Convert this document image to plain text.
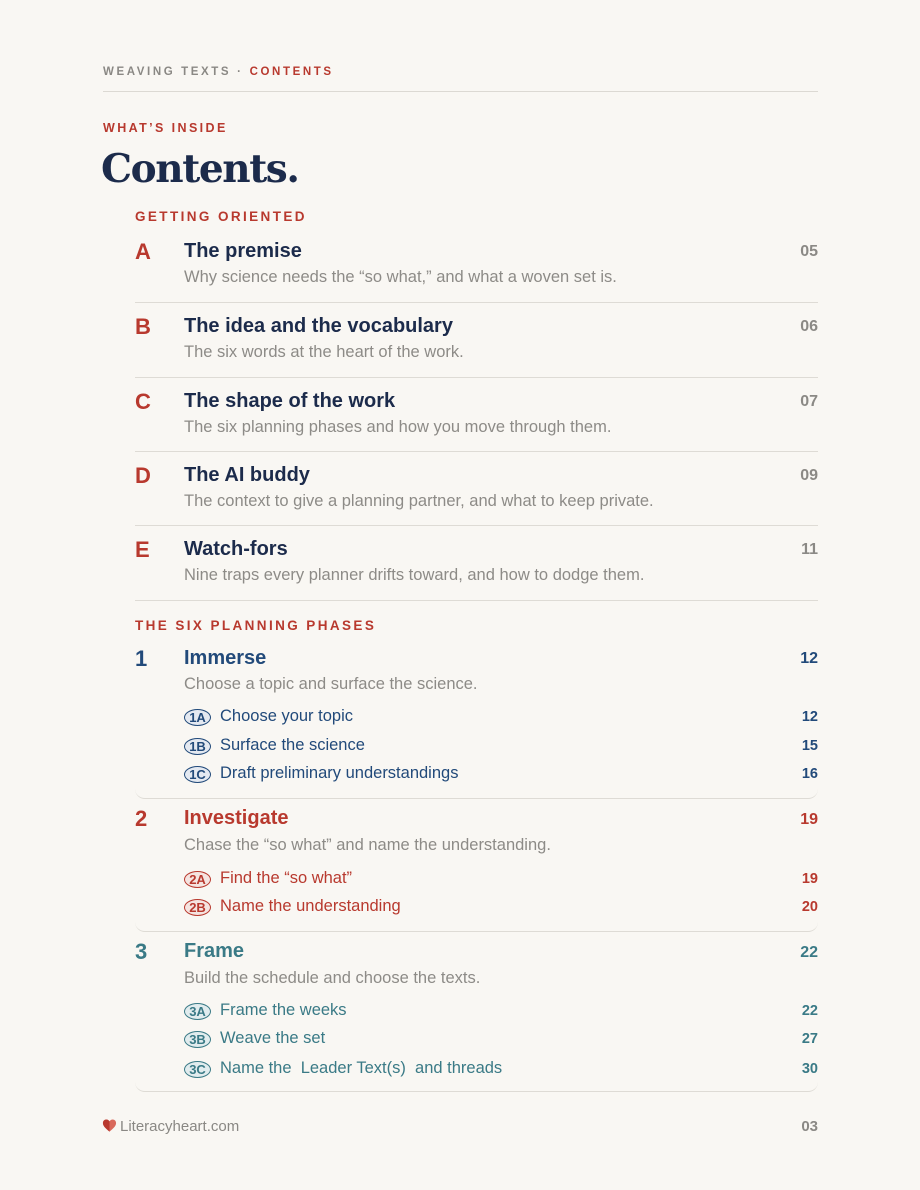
WEAVING TEXTS · CONTENTS
WHAT’S INSIDE
Contents.
GETTING ORIENTED
A The premise	05
Why science needs the “so what,” and what a woven set is.
B The idea and the vocabulary	06
The six words at the heart of the work.
C The shape of the work	07
The six planning phases and how you move through them.
D The AI buddy	09
The context to give a planning partner, and what to keep private.
E Watch-fors	11
Nine traps every planner drifts toward, and how to dodge them.
THE SIX PLANNING PHASES
1 Immerse	12
Choose a topic and surface the science.
1A Choose your topic	12
1B Surface the science	15
1C Draft preliminary understandings	16
2 Investigate	19
Chase the “so what” and name the understanding.
2A Find the “so what”	19
2B Name the understanding	20
3 Frame	22
Build the schedule and choose the texts.
3A Frame the weeks	22
3B Weave the set	27
3C Name the  Leader Text(s)  and threads	30
Literacyheart.com	03
